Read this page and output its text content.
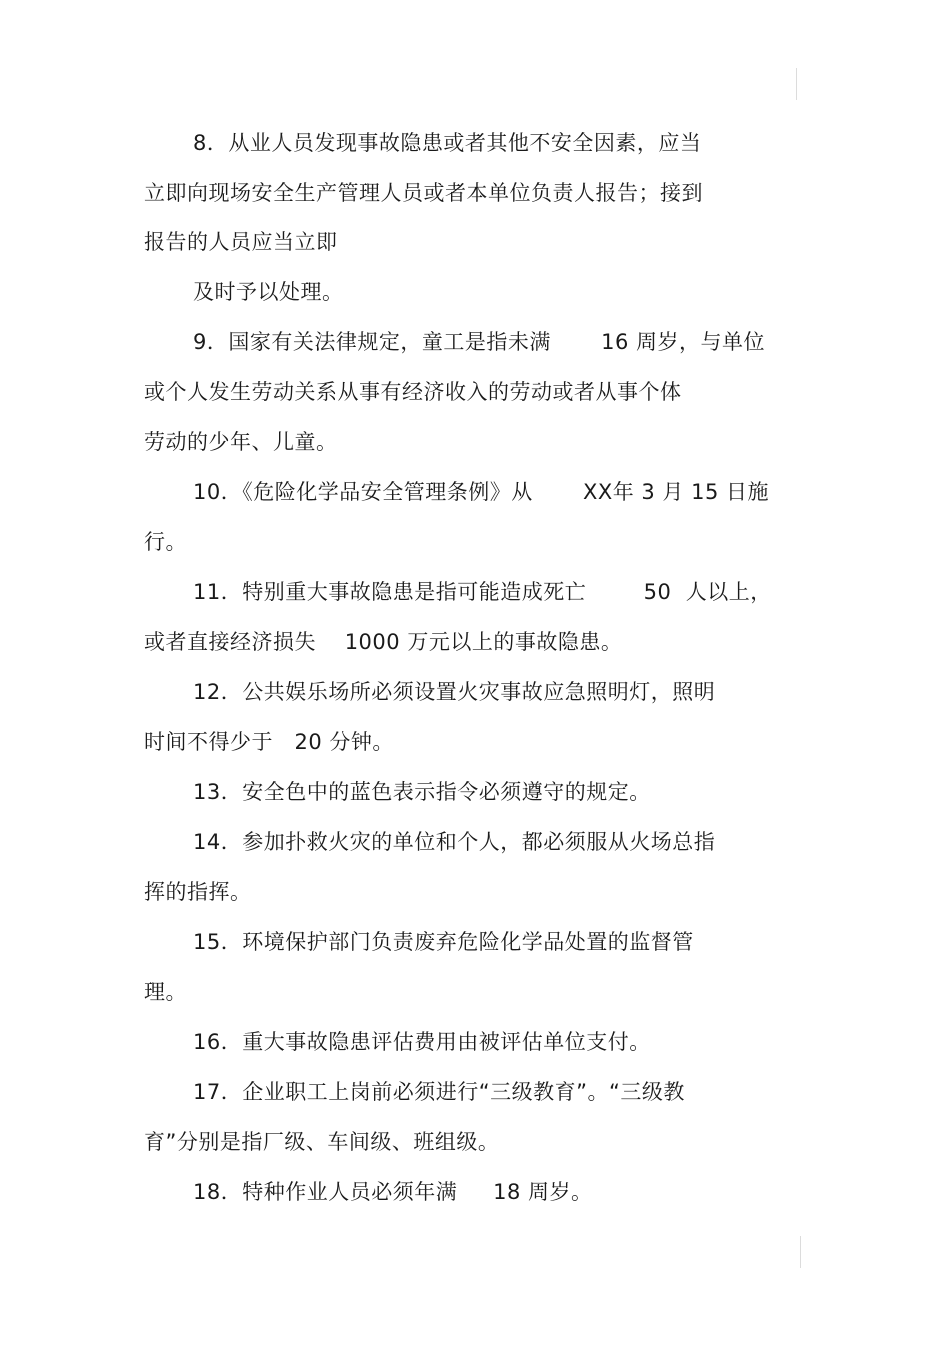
8．从业人员发现事故隐患或者其他不安全因素，应当
立即向现场安全生产管理人员或者本单位负责人报告；接到
报告的人员应当立即
及时予以处理。
9．国家有关法律规定，童工是指未满       16 周岁，与单位
或个人发生劳动关系从事有经济收入的劳动或者从事个体
劳动的少年、儿童。
10．《危险化学品安全管理条例》从       XX年 3 月 15 日施
行。
11．特别重大事故隐患是指可能造成死亡        50  人以上，
或者直接经济损失    1000 万元以上的事故隐患。
12．公共娱乐场所必须设置火灾事故应急照明灯，照明
时间不得少于   20 分钟。
13．安全色中的蓝色表示指令必须遵守的规定。
14．参加扑救火灾的单位和个人，都必须服从火场总指
挥的指挥。
15．环境保护部门负责废弃危险化学品处置的监督管
理。
16．重大事故隐患评估费用由被评估单位支付。
17．企业职工上岗前必须进行“三级教育”。“三级教
育”分别是指厂级、车间级、班组级。
18．特种作业人员必须年满     18 周岁。
